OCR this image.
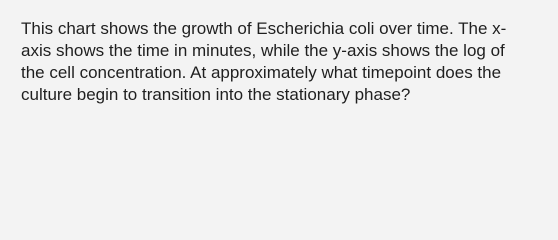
This chart shows the growth of Escherichia coli over time. The x-
axis shows the time in minutes, while the y-axis shows the log of
the cell concentration. At approximately what timepoint does the
culture begin to transition into the stationary phase?
